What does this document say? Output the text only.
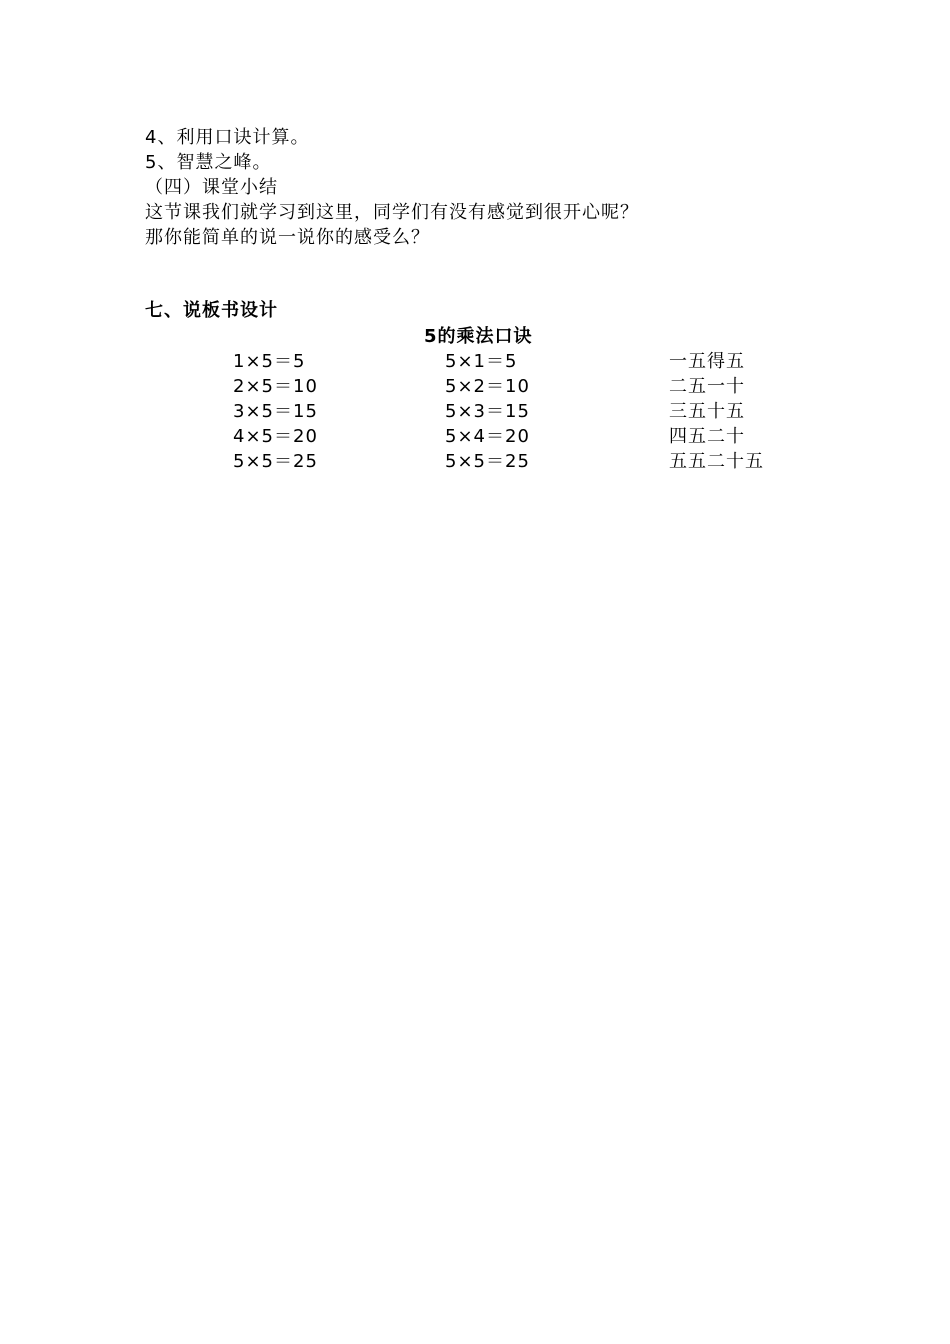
4、利用口诀计算。
5、智慧之峰。
（四）课堂小结
这节课我们就学习到这里，同学们有没有感觉到很开心呢？
那你能简单的说一说你的感受么？
七、说板书设计
5的乘法口诀
1×5＝5
2×5＝10
3×5＝15
4×5＝20
5×5＝25
5×1＝5
5×2＝10
5×3＝15
5×4＝20
5×5＝25
一五得五
二五一十
三五十五
四五二十
五五二十五
